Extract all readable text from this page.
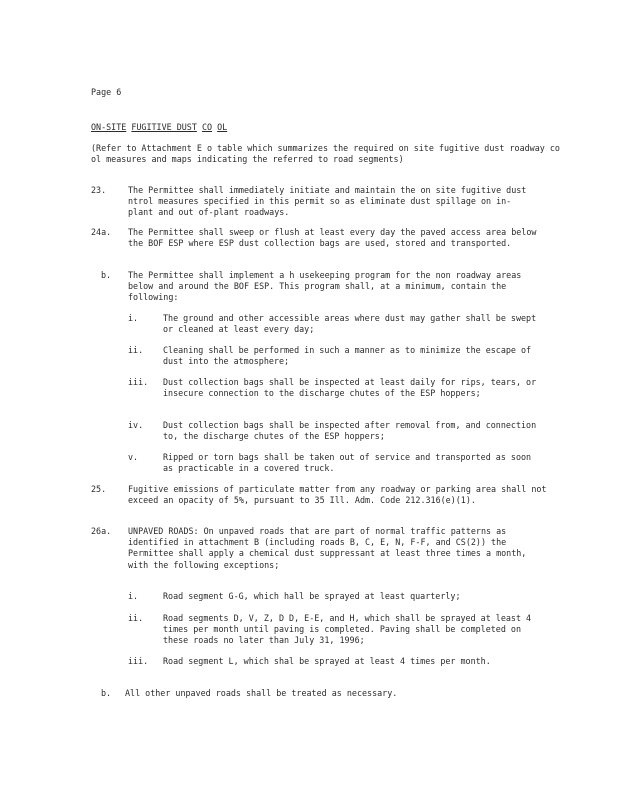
Page 6
ON-SITE FUGITIVE DUST CO OL
(Refer to Attachment E o table which summarizes the required on site fugitive dust roadway co ol measures and maps indicating the referred to road segments)
23.	The Permittee shall immediately initiate and maintain the on site fugitive dust ntrol measures specified in this permit so as eliminate dust spillage on in-plant and out of-plant roadways.
24a. The Permittee shall sweep or flush at least every day the paved access area below the BOF ESP where ESP dust collection bags are used, stored and transported.
b. The Permittee shall implement a h usekeeping program for the non roadway areas below and around the BOF ESP. This program shall, at a minimum, contain the following:
i.	The ground and other accessible areas where dust may gather shall be swept or cleaned at least every day;
ii. Cleaning shall be performed in such a manner as to minimize the escape of dust into the atmosphere;
iii. Dust collection bags shall be inspected at least daily for rips, tears, or insecure connection to the discharge chutes of the ESP hoppers;
iv. Dust collection bags shall be inspected after removal from, and connection to, the discharge chutes of the ESP hoppers;
v.	Ripped or torn bags shall be taken out of service and transported as soon as practicable in a covered truck.
25.	Fugitive emissions of particulate matter from any roadway or parking area shall not exceed an opacity of 5%, pursuant to 35 Ill. Adm. Code 212.316(e)(1).
26a. UNPAVED ROADS: On unpaved roads that are part of normal traffic patterns as identified in attachment B (including roads B, C, E, N, F-F, and CS(2)) the Permittee shall apply a chemical dust suppressant at least three times a month, with the following exceptions;
i.	Road segment G-G, which hall be sprayed at least quarterly;
ii. Road segments D, V, Z, D D, E-E, and H, which shall be sprayed at least 4 times per month until paving is completed. Paving shall be completed on these roads no later than July 31, 1996;
iii. Road segment L, which shal be sprayed at least 4 times per month.
b. All other unpaved roads shall be treated as necessary.
